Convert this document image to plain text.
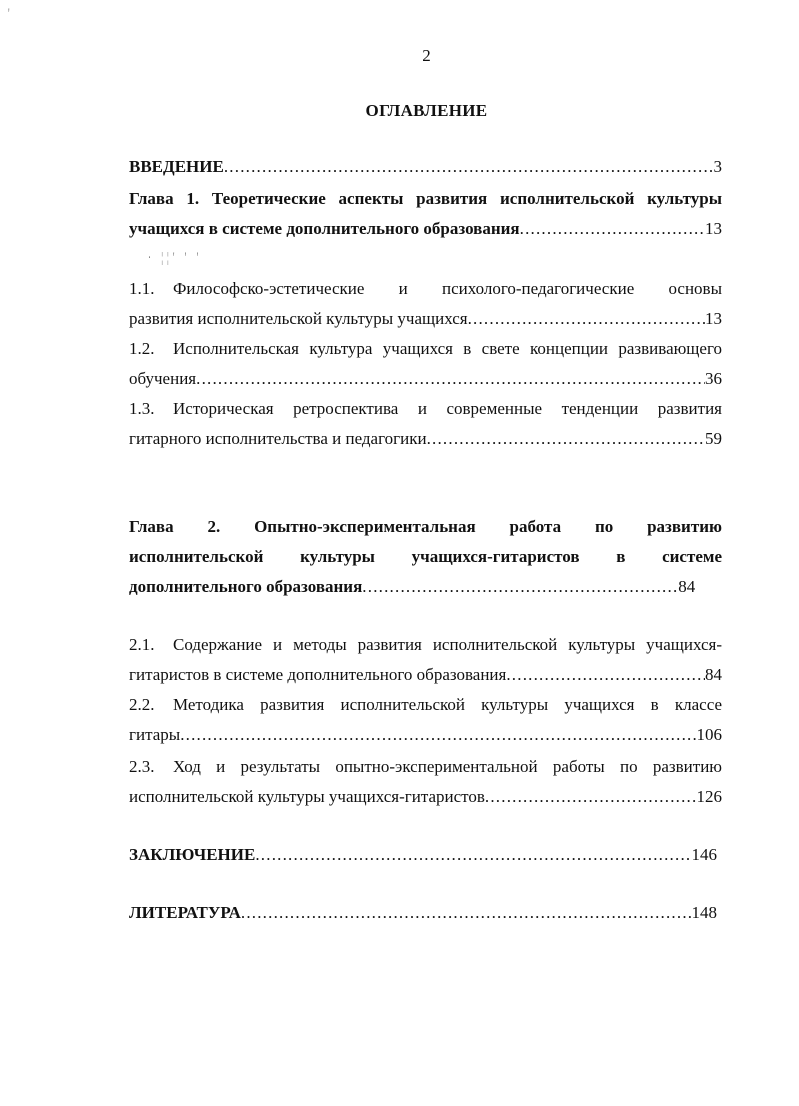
2
ОГЛАВЛЕНИЕ
ВВЕДЕНИЕ .....	3
Глава 1. Теоретические аспекты развития исполнительской культуры
учащихся в системе дополнительного образования .....	13
· ¦¦' ' '
'
1.1. Философско-эстетические и психолого-педагогические основы
развития исполнительской культуры учащихся .....	13
1.2. Исполнительская культура учащихся в свете концепции развивающего
обучения .....	36
1.3. Историческая ретроспектива и современные тенденции развития
гитарного исполнительства и педагогики .....	59
Глава 2. Опытно-экспериментальная работа по развитию
исполнительской культуры учащихся-гитаристов в системе
дополнительного образования .....	84
2.1. Содержание и методы развития исполнительской культуры учащихся-
гитаристов в системе дополнительного образования .....	84
2.2. Методика развития исполнительской культуры учащихся в классе
гитары .....	106
2.3. Ход и результаты опытно-экспериментальной работы по развитию
исполнительской культуры учащихся-гитаристов .....	126
ЗАКЛЮЧЕНИЕ .....	146
ЛИТЕРАТУРА .....	148
